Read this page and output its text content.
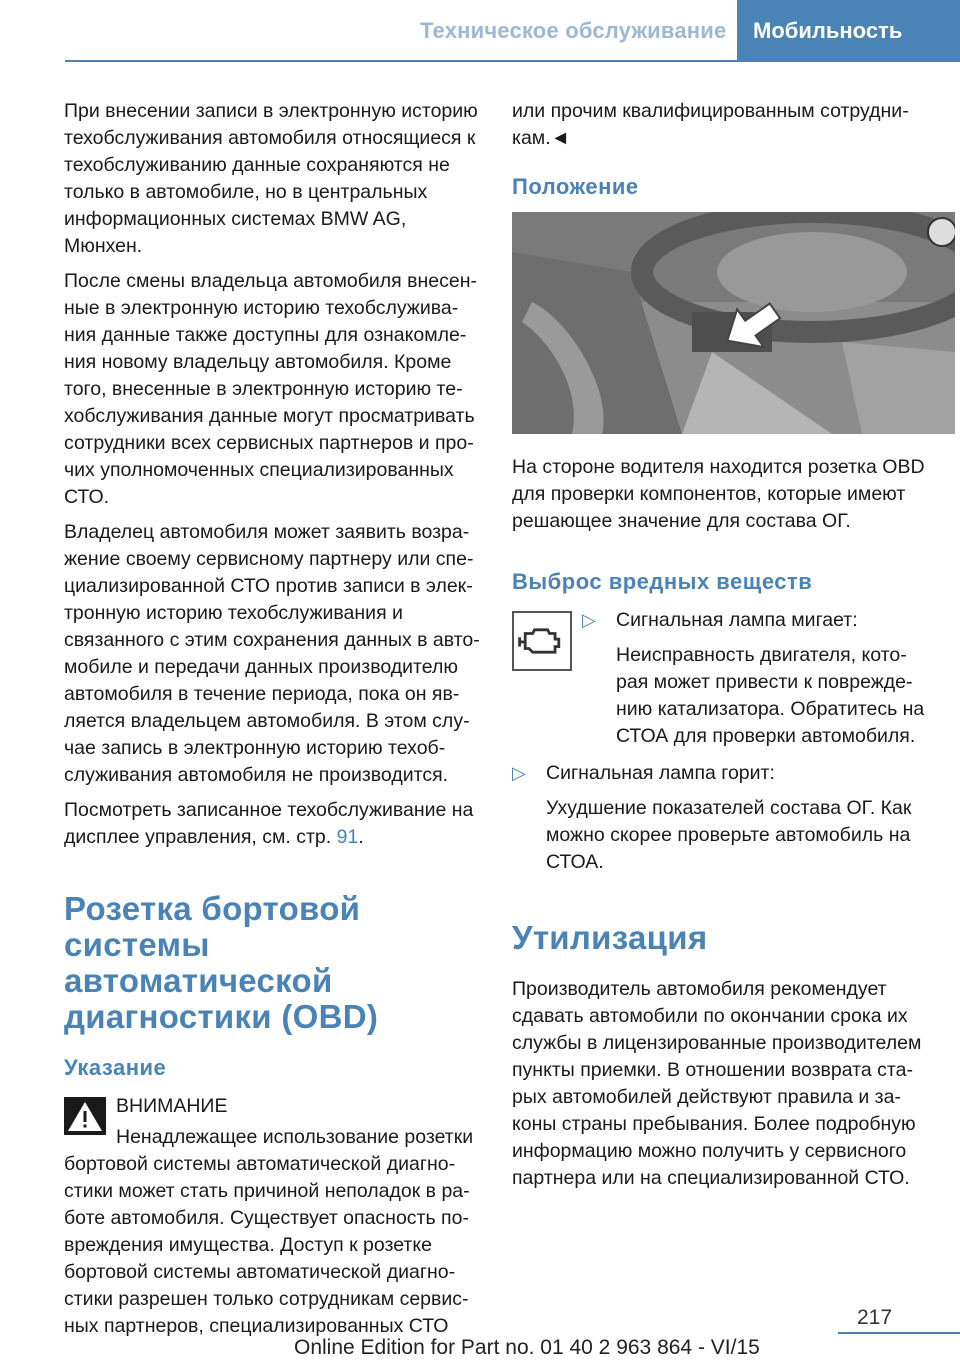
Техническое обслуживание	Мобильность

При внесении записи в электронную историю техобслуживания автомобиля относящиеся к техобслуживанию данные сохраняются не только в автомобиле, но в центральных информационных системах BMW AG, Мюнхен.

После смены владельца автомобиля внесенные в электронную историю техобслуживания данные также доступны для ознакомления новому владельцу автомобиля. Кроме того, внесенные в электронную историю техобслуживания данные могут просматривать сотрудники всех сервисных партнеров и прочих уполномоченных специализированных СТО.

Владелец автомобиля может заявить возражение своему сервисному партнеру или специализированной СТО против записи в электронную историю техобслуживания и связанного с этим сохранения данных в автомобиле и передачи данных производителю автомобиля в течение периода, пока он является владельцем автомобиля. В этом случае запись в электронную историю техобслуживания автомобиля не производится.

Посмотреть записанное техобслуживание на дисплее управления, см. стр. 91.

Розетка бортовой системы автоматической диагностики (OBD)
Указание

ВНИМАНИЕ

Ненадлежащее использование розетки бортовой системы автоматической диагностики может стать причиной неполадок в работе автомобиля. Существует опасность повреждения имущества. Доступ к розетке бортовой системы автоматической диагностики разрешен только сотрудникам сервисных партнеров, специализированных СТО

или прочим квалифицированным сотрудникам.◄

Положение

На стороне водителя находится розетка OBD для проверки компонентов, которые имеют решающее значение для состава ОГ.

Выброс вредных веществ
▷ Сигнальная лампа мигает:

Неисправность двигателя, которая может привести к повреждению катализатора. Обратитесь на СТОА для проверки автомобиля.

▷ Сигнальная лампа горит:

Ухудшение показателей состава ОГ. Как можно скорее проверьте автомобиль на СТОА.

Утилизация

Производитель автомобиля рекомендует сдавать автомобили по окончании срока их службы в лицензированные производителем пункты приемки. В отношении возврата старых автомобилей действуют правила и законы страны пребывания. Более подробную информацию можно получить у сервисного партнера или на специализированной СТО.

217
Online Edition for Part no. 01 40 2 963 864 - VI/15
